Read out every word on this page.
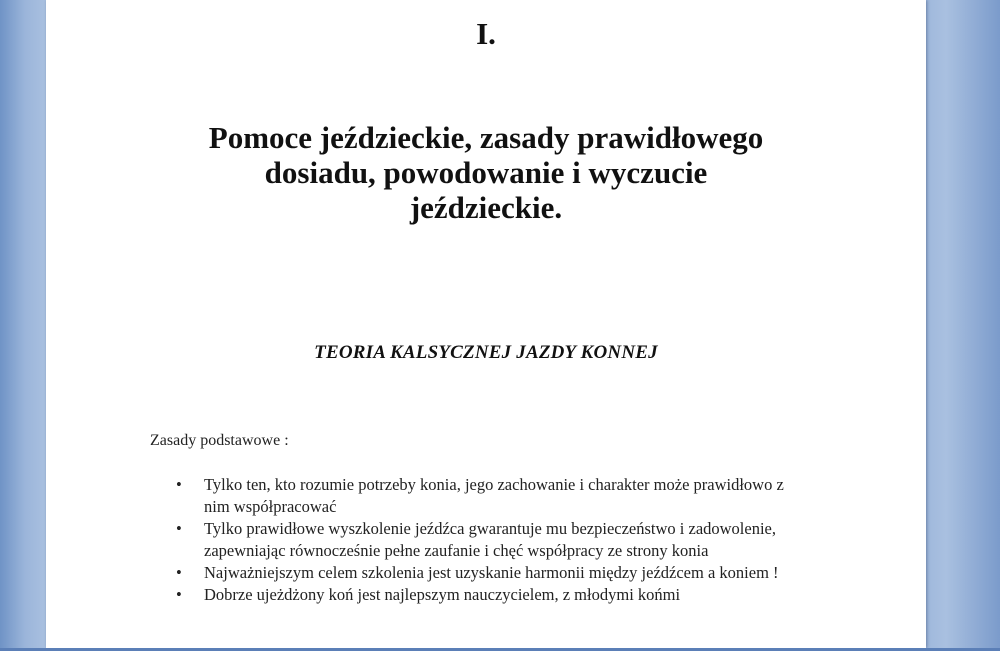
I.
Pomoce jeździeckie, zasady prawidłowego
dosiadu, powodowanie i wyczucie
jeździeckie.
TEORIA KALSYCZNEJ JAZDY KONNEJ
Zasady podstawowe :
• Tylko ten, kto rozumie potrzeby konia, jego zachowanie i charakter może prawidłowo z nim współpracować
• Tylko prawidłowe wyszkolenie jeźdźca gwarantuje mu bezpieczeństwo i zadowolenie, zapewniając równocześnie pełne zaufanie i chęć współpracy ze strony konia
• Najważniejszym celem szkolenia jest uzyskanie harmonii między jeźdźcem a koniem !
• Dobrze ujeżdżony koń jest najlepszym nauczycielem, z młodymi końmi
